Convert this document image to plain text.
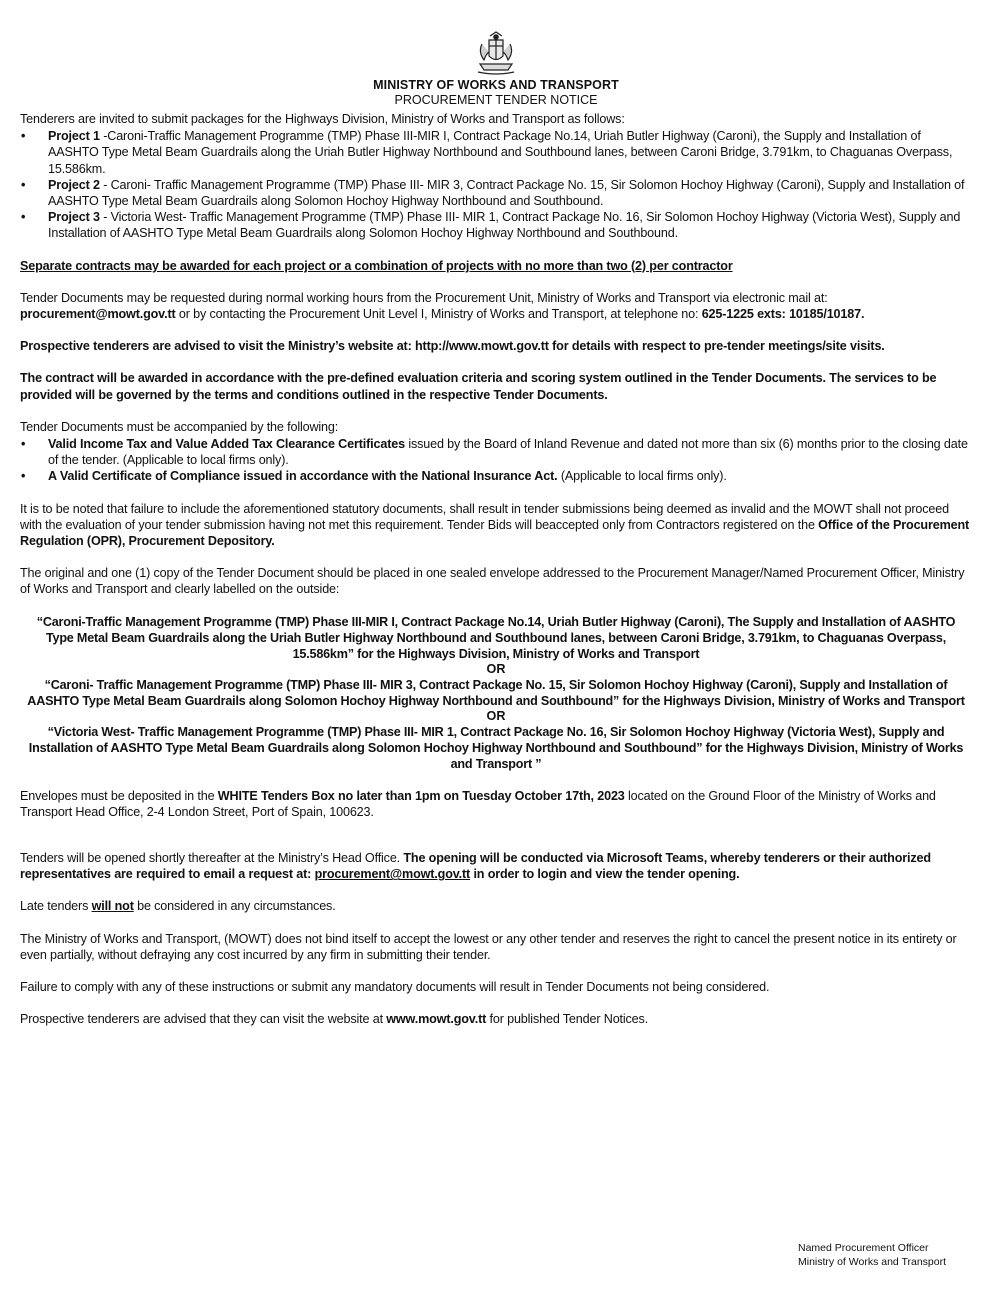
MINISTRY OF WORKS AND TRANSPORT
PROCUREMENT TENDER NOTICE

Tenderers are invited to submit packages for the Highways Division, Ministry of Works and Transport as follows:

• Project 1 -Caroni-Traffic Management Programme (TMP) Phase III-MIR I, Contract Package No.14, Uriah Butler Highway (Caroni), the Supply and Installation of AASHTO Type Metal Beam Guardrails along the Uriah Butler Highway Northbound and Southbound lanes, between Caroni Bridge, 3.791km, to Chaguanas Overpass, 15.586km.
• Project 2 - Caroni- Traffic Management Programme (TMP) Phase III- MIR 3, Contract Package No. 15, Sir Solomon Hochoy Highway (Caroni), Supply and Installation of AASHTO Type Metal Beam Guardrails along Solomon Hochoy Highway Northbound and Southbound.
• Project 3 - Victoria West- Traffic Management Programme (TMP) Phase III- MIR 1, Contract Package No. 16, Sir Solomon Hochoy Highway (Victoria West), Supply and Installation of AASHTO Type Metal Beam Guardrails along Solomon Hochoy Highway Northbound and Southbound.

Separate contracts may be awarded for each project or a combination of projects with no more than two (2) per contractor

Tender Documents may be requested during normal working hours from the Procurement Unit, Ministry of Works and Transport via electronic mail at: procurement@mowt.gov.tt or by contacting the Procurement Unit Level I, Ministry of Works and Transport, at telephone no: 625-1225 exts: 10185/10187.

Prospective tenderers are advised to visit the Ministry’s website at: http://www.mowt.gov.tt for details with respect to pre-tender meetings/site visits.

The contract will be awarded in accordance with the pre-defined evaluation criteria and scoring system outlined in the Tender Documents. The services to be provided will be governed by the terms and conditions outlined in the respective Tender Documents.

Tender Documents must be accompanied by the following:

• Valid Income Tax and Value Added Tax Clearance Certificates issued by the Board of Inland Revenue and dated not more than six (6) months prior to the closing date of the tender. (Applicable to local firms only).
• A Valid Certificate of Compliance issued in accordance with the National Insurance Act. (Applicable to local firms only).

It is to be noted that failure to include the aforementioned statutory documents, shall result in tender submissions being deemed as invalid and the MOWT shall not proceed with the evaluation of your tender submission having not met this requirement. Tender Bids will beaccepted only from Contractors registered on the Office of the Procurement Regulation (OPR), Procurement Depository.

The original and one (1) copy of the Tender Document should be placed in one sealed envelope addressed to the Procurement Manager/Named Procurement Officer, Ministry of Works and Transport and clearly labelled on the outside:

“Caroni-Traffic Management Programme (TMP) Phase III-MIR I, Contract Package No.14, Uriah Butler Highway (Caroni), The Supply and Installation of AASHTO Type Metal Beam Guardrails along the Uriah Butler Highway Northbound and Southbound lanes, between Caroni Bridge, 3.791km, to Chaguanas Overpass, 15.586km” for the Highways Division, Ministry of Works and Transport
OR
“Caroni- Traffic Management Programme (TMP) Phase III- MIR 3, Contract Package No. 15, Sir Solomon Hochoy Highway (Caroni), Supply and Installation of AASHTO Type Metal Beam Guardrails along Solomon Hochoy Highway Northbound and Southbound” for the Highways Division, Ministry of Works and Transport
OR
“Victoria West- Traffic Management Programme (TMP) Phase III- MIR 1, Contract Package No. 16, Sir Solomon Hochoy Highway (Victoria West), Supply and Installation of AASHTO Type Metal Beam Guardrails along Solomon Hochoy Highway Northbound and Southbound” for the Highways Division, Ministry of Works and Transport ”

Envelopes must be deposited in the WHITE Tenders Box no later than 1pm on Tuesday October 17th, 2023 located on the Ground Floor of the Ministry of Works and Transport Head Office, 2-4 London Street, Port of Spain, 100623.

Tenders will be opened shortly thereafter at the Ministry’s Head Office. The opening will be conducted via Microsoft Teams, whereby tenderers or their authorized representatives are required to email a request at: procurement@mowt.gov.tt in order to login and view the tender opening.

Late tenders will not be considered in any circumstances.

The Ministry of Works and Transport, (MOWT) does not bind itself to accept the lowest or any other tender and reserves the right to cancel the present notice in its entirety or even partially, without defraying any cost incurred by any firm in submitting their tender.

Failure to comply with any of these instructions or submit any mandatory documents will result in Tender Documents not being considered.

Prospective tenderers are advised that they can visit the website at www.mowt.gov.tt for published Tender Notices.

Named Procurement Officer
Ministry of Works and Transport
